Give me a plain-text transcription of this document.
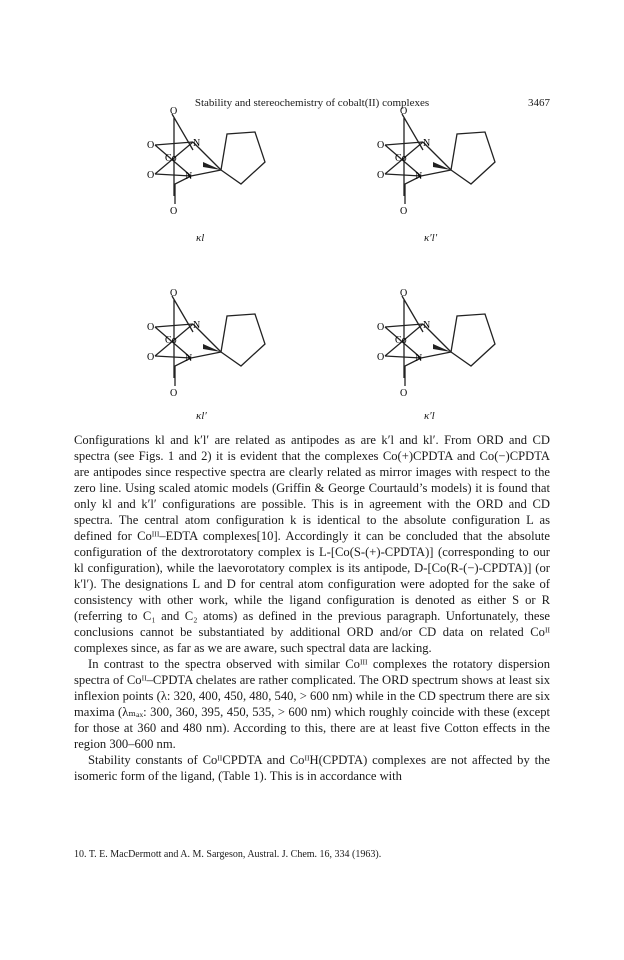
Stability and stereochemistry of cobalt(II) complexes	3467
O
O
O
O
Co
N
N
O
O
O
O
Co
N
N
O
O
O
O
Co
N
N
O
O
O
O
Co
N
N
κl	κ′l′
κl′	κ′l

Configurations kl and k′l′ are related as antipodes as are k′l and kl′. From ORD and CD spectra (see Figs. 1 and 2) it is evident that the complexes Co(+)CPDTA and Co(−)CPDTA are antipodes since respective spectra are clearly related as mirror images with respect to the zero line. Using scaled atomic models (Griffin & George Courtauld’s models) it is found that only kl and k′l′ configurations are possible. This is in agreement with the ORD and CD spectra. The central atom configuration k is identical to the absolute configuration L as defined for Coᴵᴵᴵ–EDTA complexes[10]. Accordingly it can be concluded that the absolute configuration of the dextrorotatory complex is L-[Co(S-(+)-CPDTA)] (corresponding to our kl configuration), while the laevorotatory complex is its antipode, D-[Co(R-(−)-CPDTA)] (or k′l′). The designations L and D for central atom configuration were adopted for the sake of consistency with other work, while the ligand configuration is denoted as either S or R (referring to C₁ and C₂ atoms) as defined in the previous paragraph. Unfortunately, these conclusions cannot be substantiated by additional ORD and/or CD data on related Coᴵᴵ complexes since, as far as we are aware, such spectral data are lacking.

In contrast to the spectra observed with similar Coᴵᴵᴵ complexes the rotatory dispersion spectra of Coᴵᴵ–CPDTA chelates are rather complicated. The ORD spectrum shows at least six inflexion points (λ: 320, 400, 450, 480, 540, > 600 nm) while in the CD spectrum there are six maxima (λₘₐₓ: 300, 360, 395, 450, 535, > 600 nm) which roughly coincide with these (except for those at 360 and 480 nm). According to this, there are at least five Cotton effects in the region 300–600 nm.

Stability constants of CoᴵᴵCPDTA and CoᴵᴵH(CPDTA) complexes are not affected by the isomeric form of the ligand, (Table 1). This is in accordance with

10. T. E. MacDermott and A. M. Sargeson, Austral. J. Chem. 16, 334 (1963).
